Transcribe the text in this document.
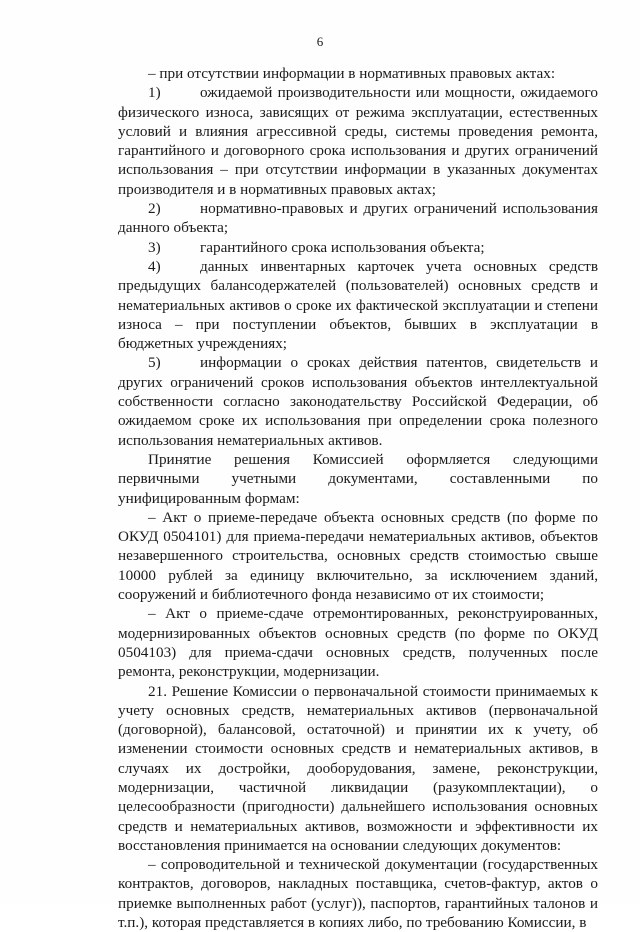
6

– при отсутствии информации в нормативных правовых актах:

1)	ожидаемой производительности или мощности, ожидаемого физического износа, зависящих от режима эксплуатации, естественных условий и влияния агрессивной среды, системы проведения ремонта, гарантийного и договорного срока использования и других ограничений использования – при отсутствии информации в указанных документах производителя и в нормативных правовых актах;

2)	нормативно-правовых и других ограничений использования данного объекта;

3)	гарантийного срока использования объекта;

4)	данных инвентарных карточек учета основных средств предыдущих балансодержателей (пользователей) основных средств и нематериальных активов о сроке их фактической эксплуатации и степени износа – при поступлении объектов, бывших в эксплуатации в бюджетных учреждениях;

5)	информации о сроках действия патентов, свидетельств и других ограничений сроков использования объектов интеллектуальной собственности согласно законодательству Российской Федерации, об ожидаемом сроке их использования при определении срока полезного использования нематериальных активов.

Принятие решения Комиссией оформляется следующими первичными учетными документами, составленными по унифицированным формам:

– Акт о приеме-передаче объекта основных средств (по форме по ОКУД 0504101) для приема-передачи нематериальных активов, объектов незавершенного строительства, основных средств стоимостью свыше 10000 рублей за единицу включительно, за исключением зданий, сооружений и библиотечного фонда независимо от их стоимости;

– Акт о приеме-сдаче отремонтированных, реконструированных, модернизированных объектов основных средств (по форме по ОКУД 0504103) для приема-сдачи основных средств, полученных после ремонта, реконструкции, модернизации.

21. Решение Комиссии о первоначальной стоимости принимаемых к учету основных средств, нематериальных активов (первоначальной (договорной), балансовой, остаточной) и принятии их к учету, об изменении стоимости основных средств и нематериальных активов, в случаях их достройки, дооборудования, замене, реконструкции, модернизации, частичной ликвидации (разукомплектации), о целесообразности (пригодности) дальнейшего использования основных средств и нематериальных активов, возможности и эффективности их восстановления принимается на основании следующих документов:

– сопроводительной и технической документации (государственных контрактов, договоров, накладных поставщика, счетов-фактур, актов о приемке выполненных работ (услуг)), паспортов, гарантийных талонов и т.п.), которая представляется в копиях либо, по требованию Комиссии, в
